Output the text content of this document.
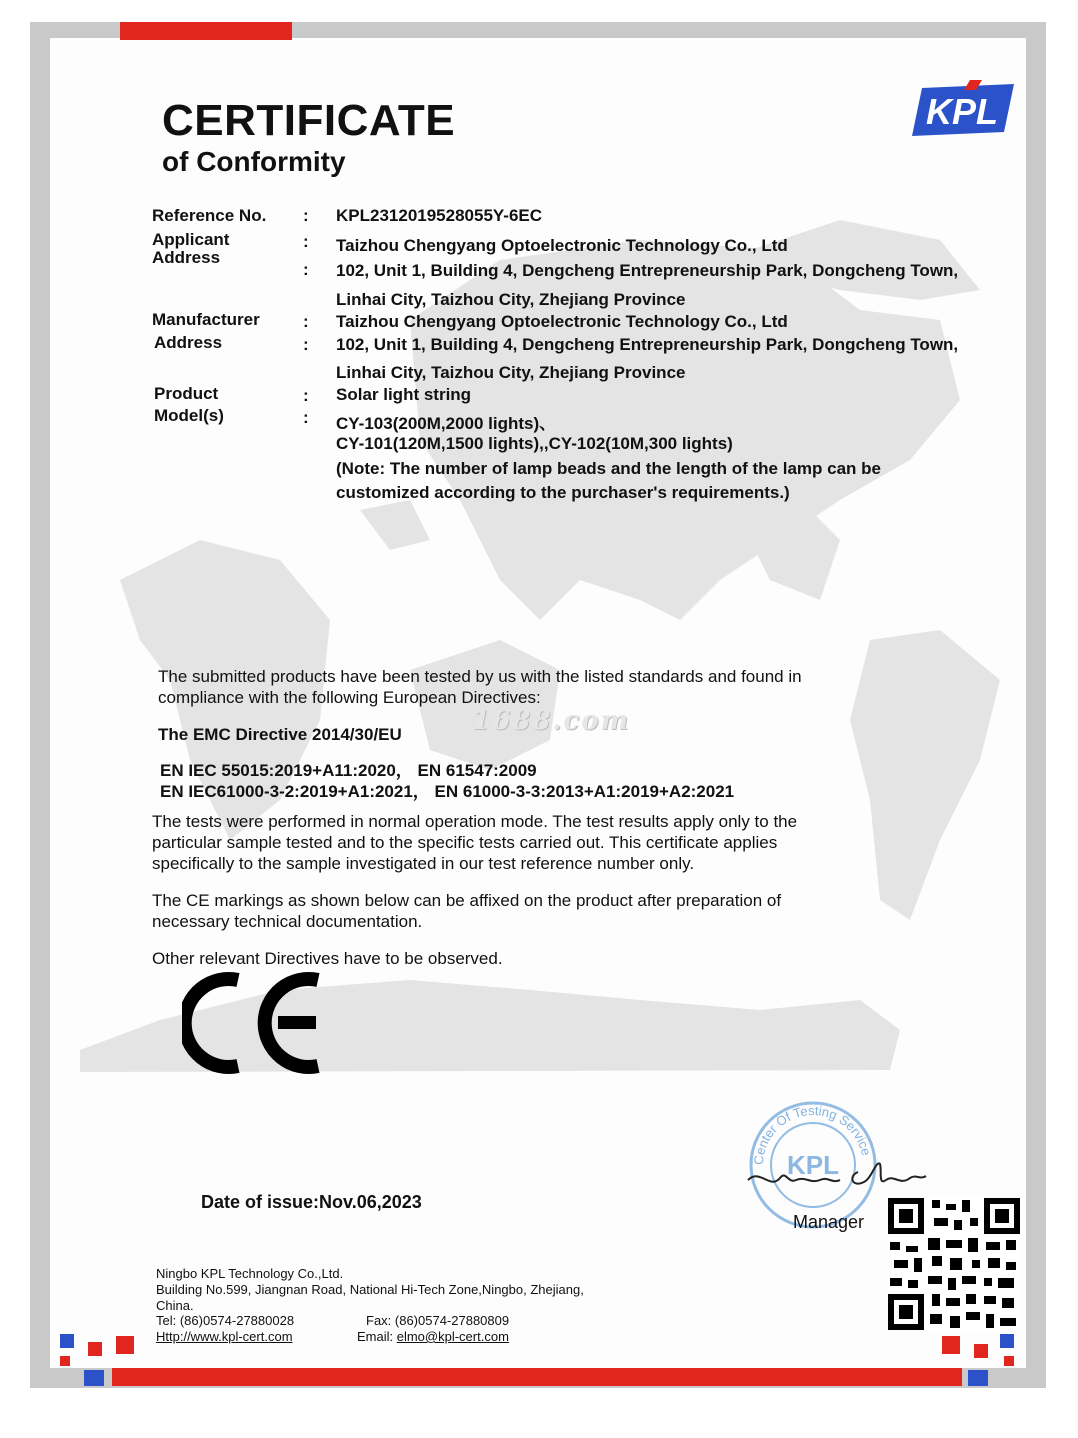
CERTIFICATE
of Conformity
KPL
Reference No. : KPL2312019528055Y-6EC
Applicant	: Taizhou Chengyang Optoelectronic Technology Co., Ltd
Address
: 102, Unit 1, Building 4, Dengcheng Entrepreneurship Park, Dongcheng Town,
Linhai City, Taizhou City, Zhejiang Province
Manufacturer	: Taizhou Chengyang Optoelectronic Technology Co., Ltd
Address	: 102, Unit 1, Building 4, Dengcheng Entrepreneurship Park, Dongcheng Town,
Linhai City, Taizhou City, Zhejiang Province
Product	: Solar light string
Model(s)	: CY-103(200M,2000 lights)、
CY-101(120M,1500 lights),,CY-102(10M,300 lights)
(Note: The number of lamp beads and the length of the lamp can be
customized according to the purchaser's requirements.)
The submitted products have been tested by us with the listed standards and found in
compliance with the following European Directives:
1688.com
The EMC Directive 2014/30/EU
EN IEC 55015:2019+A11:2020， EN 61547:2009
EN IEC61000-3-2:2019+A1:2021， EN 61000-3-3:2013+A1:2019+A2:2021
The tests were performed in normal operation mode. The test results apply only to the
particular sample tested and to the specific tests carried out. This certificate applies
specifically to the sample investigated in our test reference number only.
The CE markings as shown below can be affixed on the product after preparation of
necessary technical documentation.
Other relevant Directives have to be observed.
Center Of Testing Service
KPL
Manager
Date of issue:Nov.06,2023
Ningbo KPL Technology Co.,Ltd.
Building No.599, Jiangnan Road, National Hi-Tech Zone,Ningbo, Zhejiang,
China.
Tel: (86)0574-27880028	Fax: (86)0574-27880809
Http://www.kpl-cert.com	Email: elmo@kpl-cert.com
